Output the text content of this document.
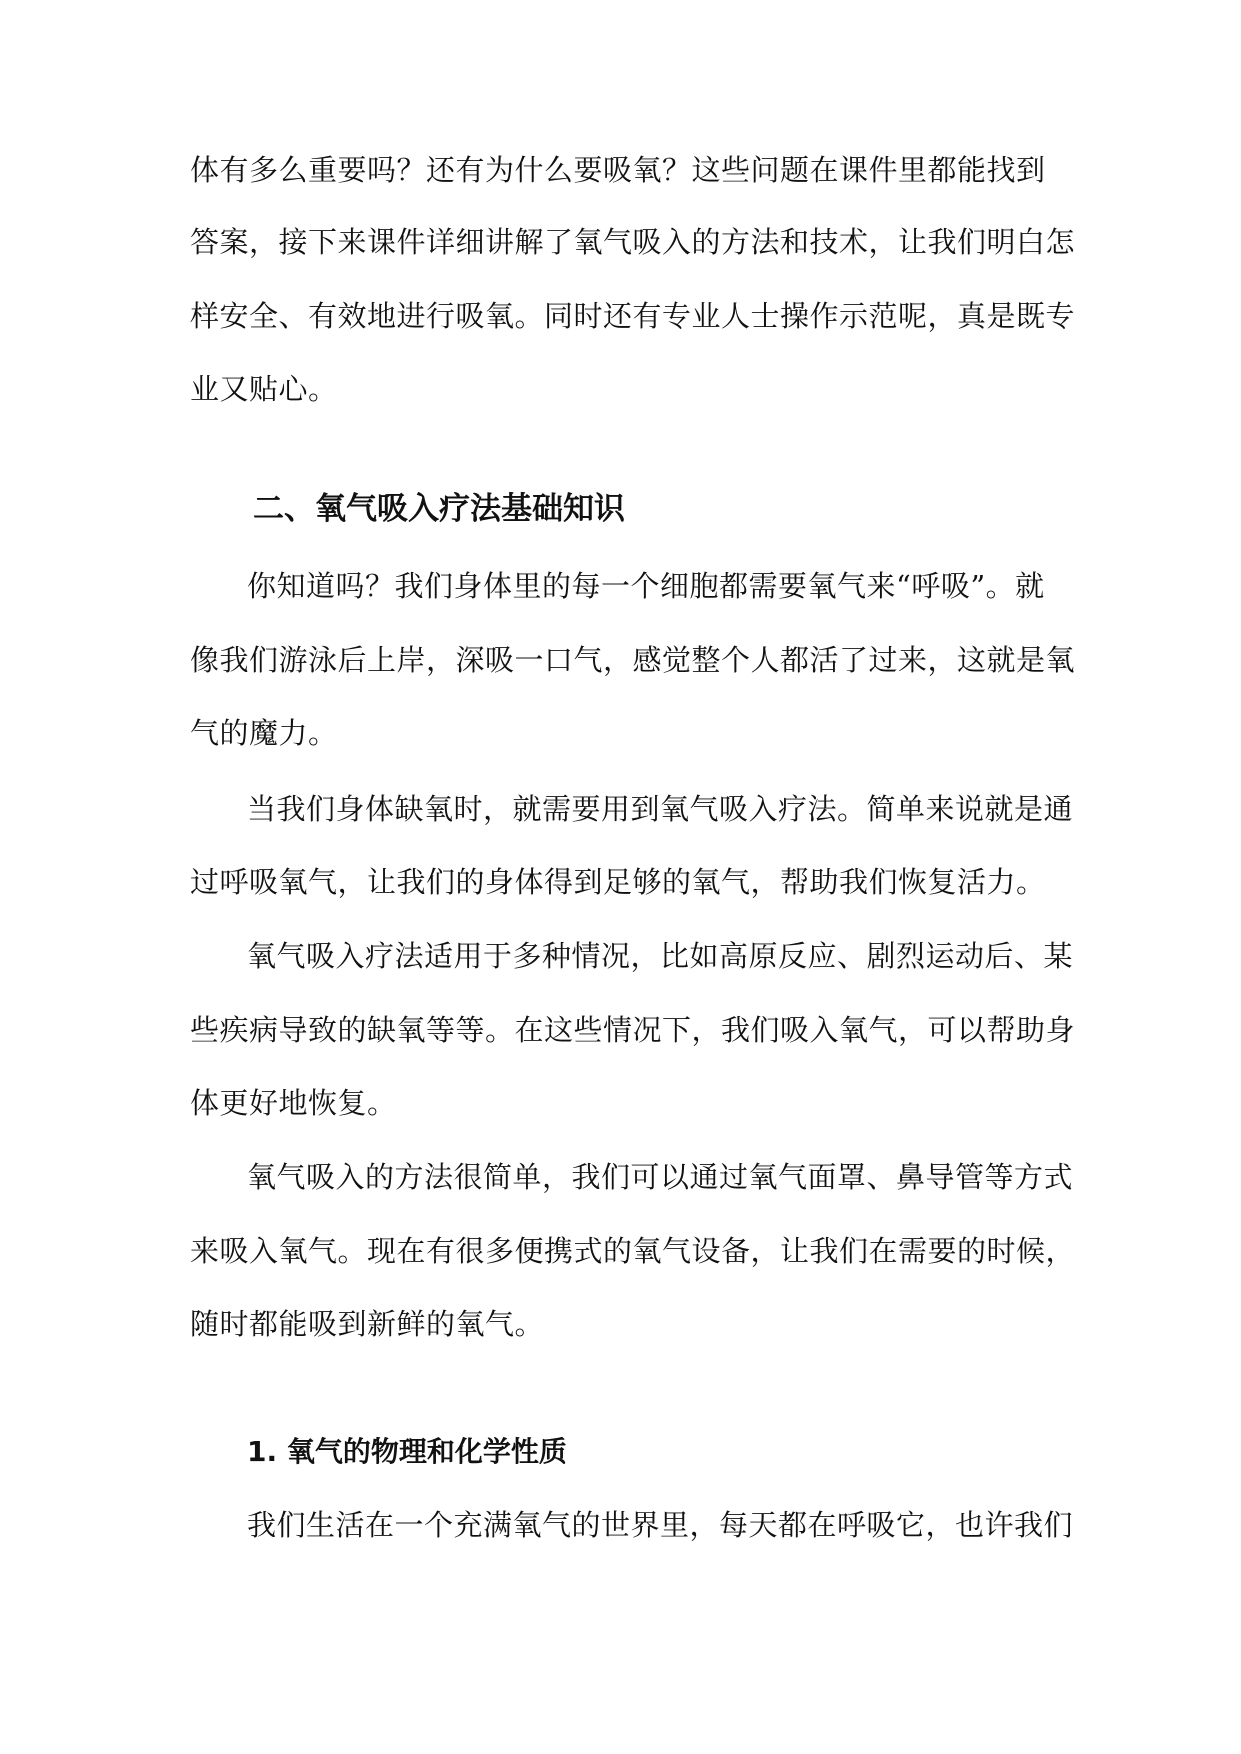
体有多么重要吗？还有为什么要吸氧？这些问题在课件里都能找到
答案，接下来课件详细讲解了氧气吸入的方法和技术，让我们明白怎
样安全、有效地进行吸氧。同时还有专业人士操作示范呢，真是既专
业又贴心。
二、氧气吸入疗法基础知识
你知道吗？我们身体里的每一个细胞都需要氧气来“呼吸”。就
像我们游泳后上岸，深吸一口气，感觉整个人都活了过来，这就是氧
气的魔力。
当我们身体缺氧时，就需要用到氧气吸入疗法。简单来说就是通
过呼吸氧气，让我们的身体得到足够的氧气，帮助我们恢复活力。
氧气吸入疗法适用于多种情况，比如高原反应、剧烈运动后、某
些疾病导致的缺氧等等。在这些情况下，我们吸入氧气，可以帮助身
体更好地恢复。
氧气吸入的方法很简单，我们可以通过氧气面罩、鼻导管等方式
来吸入氧气。现在有很多便携式的氧气设备，让我们在需要的时候，
随时都能吸到新鲜的氧气。
1. 氧气的物理和化学性质
我们生活在一个充满氧气的世界里，每天都在呼吸它，也许我们
